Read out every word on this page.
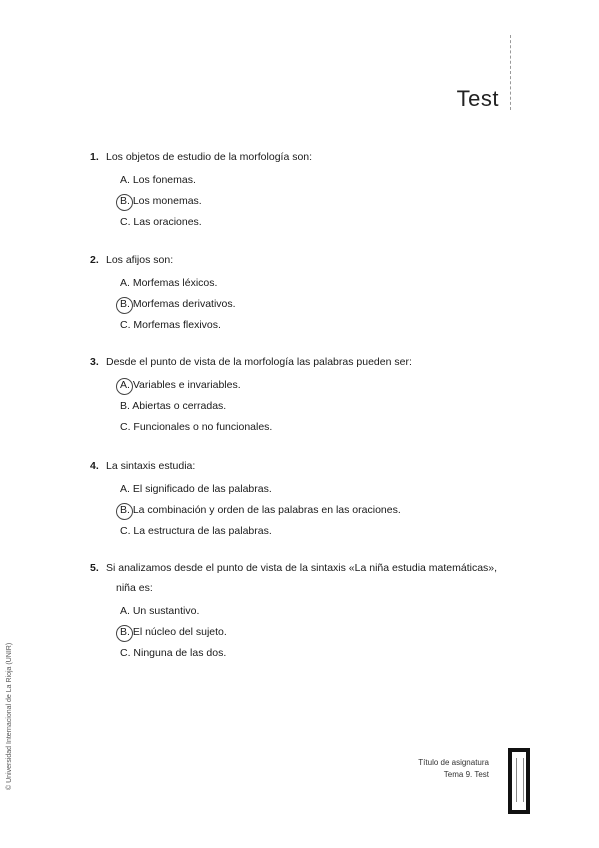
Test
1. Los objetos de estudio de la morfología son:
A. Los fonemas.
B. Los monemas.
C. Las oraciones.
2. Los afijos son:
A. Morfemas léxicos.
B. Morfemas derivativos.
C. Morfemas flexivos.
3. Desde el punto de vista de la morfología las palabras pueden ser:
A. Variables e invariables.
B. Abiertas o cerradas.
C. Funcionales o no funcionales.
4. La sintaxis estudia:
A. El significado de las palabras.
B. La combinación y orden de las palabras en las oraciones.
C. La estructura de las palabras.
5. Si analizamos desde el punto de vista de la sintaxis «La niña estudia matemáticas»,
niña es:
A. Un sustantivo.
B. El núcleo del sujeto.
C. Ninguna de las dos.
© Universidad Internacional de La Rioja (UNIR)	Título de asignatura
Tema 9. Test
